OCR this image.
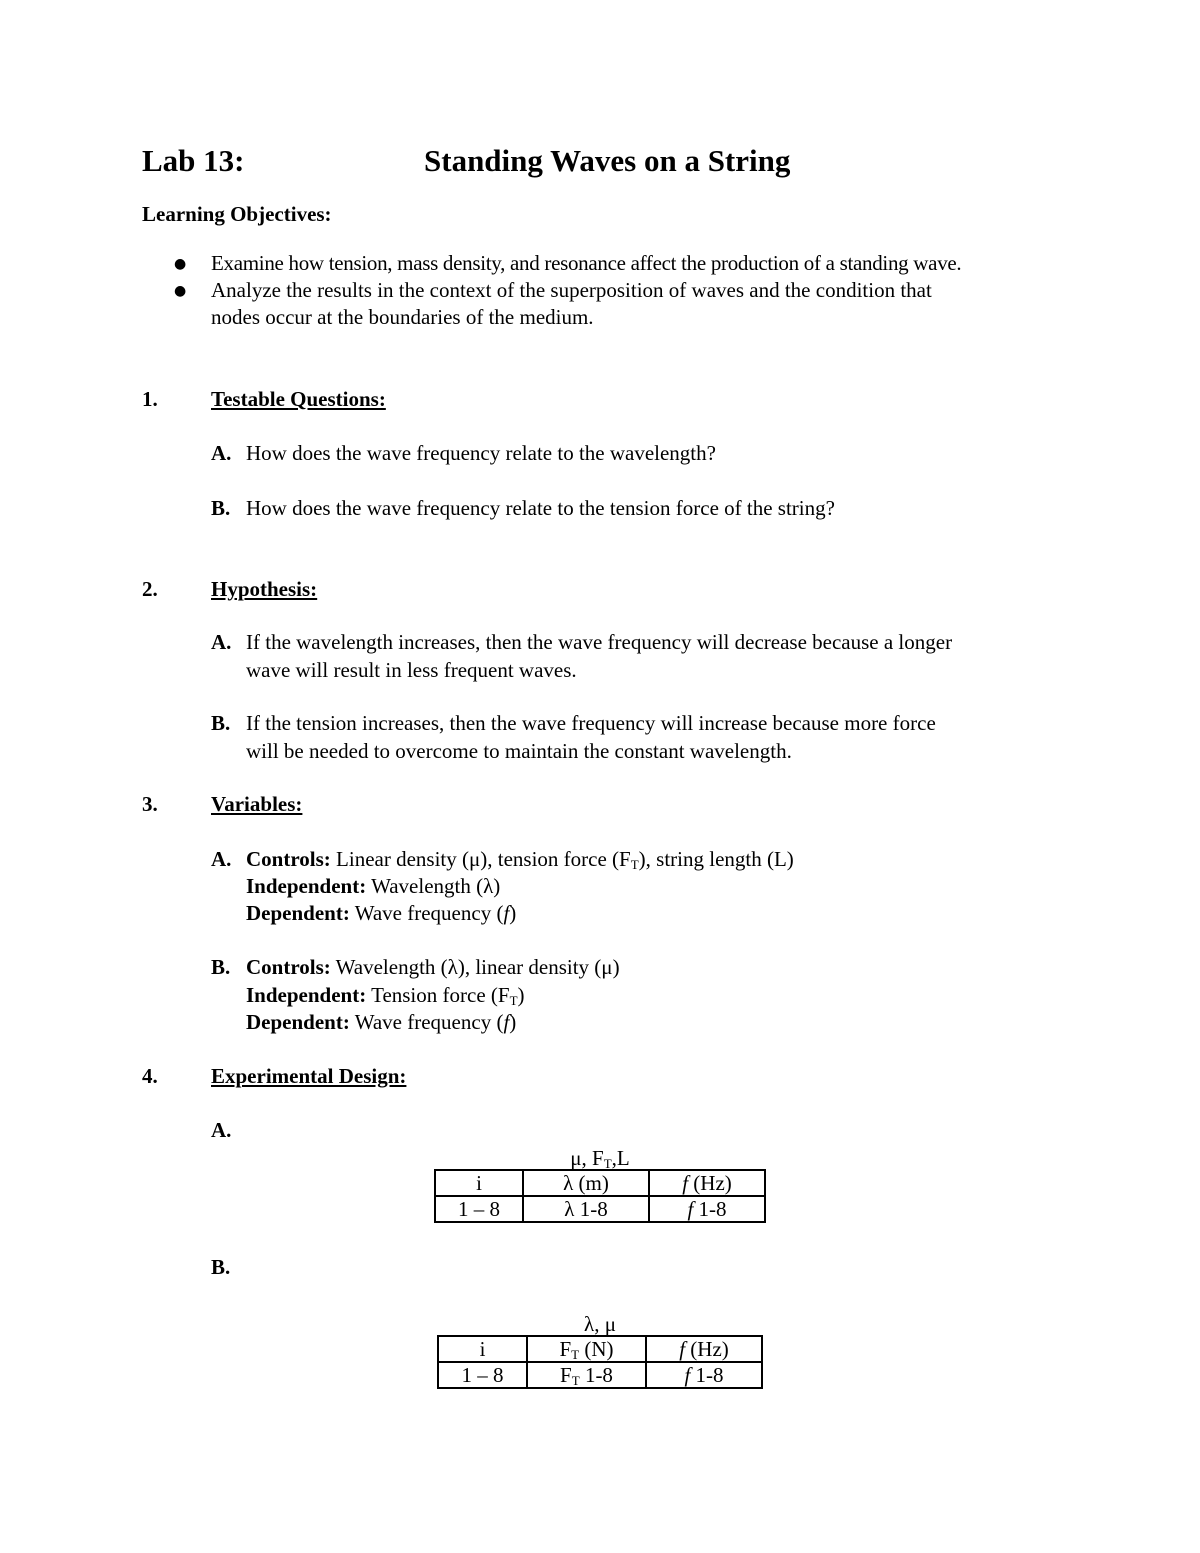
Lab 13:	Standing Waves on a String
Learning Objectives:
● Examine how tension, mass density, and resonance affect the production of a standing wave.
● Analyze the results in the context of the superposition of waves and the condition that
nodes occur at the boundaries of the medium.
1.	Testable Questions:
A. How does the wave frequency relate to the wavelength?
B. How does the wave frequency relate to the tension force of the string?
2.	Hypothesis:
A. If the wavelength increases, then the wave frequency will decrease because a longer
wave will result in less frequent waves.
B. If the tension increases, then the wave frequency will increase because more force
will be needed to overcome to maintain the constant wavelength.
3.	Variables:
A. Controls: Linear density (μ), tension force $(F_T)$, string length (L)
Independent: Wavelength (λ)
Dependent: Wave frequency (f)
B. Controls: Wavelength (λ), linear density (μ)
Independent: Tension force $(F_T)$
Dependent: Wave frequency (f)
4.	Experimental Design:
A.
μ, $F_T,L$
i	λ (m)	f (Hz)
1 – 8	λ 1-8	f 1-8
B.
λ, μ
i	$F_T$ (N)	f (Hz)
1 – 8	$F_T$ 1-8	f 1-8
